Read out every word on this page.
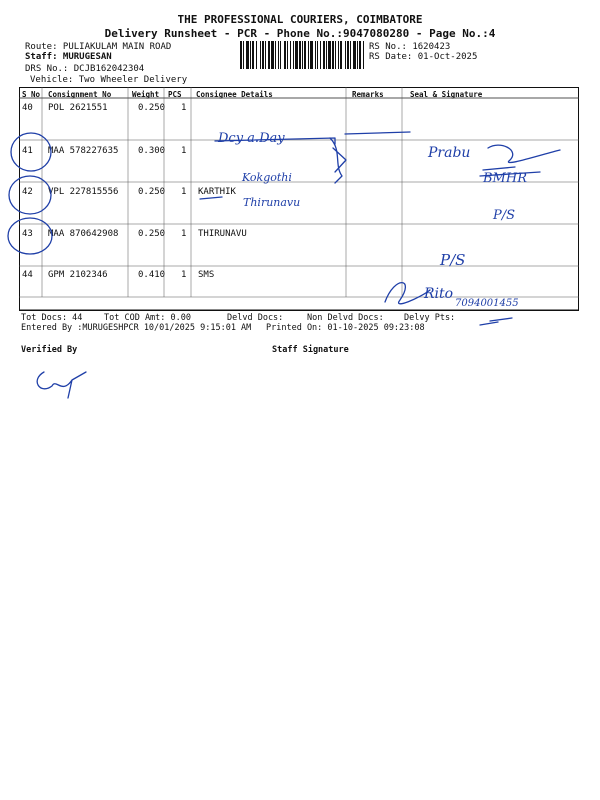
THE PROFESSIONAL COURIERS, COIMBATORE
Delivery Runsheet - PCR - Phone No.:9047080280 - Page No.:4
Route: PULIAKULAM MAIN ROAD
Staff: MURUGESAN
DRS No.: DCJB162042304
Vehicle: Two Wheeler Delivery
RS No.: 1620423
RS Date: 01-Oct-2025
S No Consignment No	Weight PCS Consignee Details	Remarks	Seal & Signature
40 POL 2621551	0.250 1
41 MAA 578227635 0.300 1
42 VPL 227815556 0.250 1 KARTHIK
43 MAA 870642908 0.250 1 THIRUNAVU
44 GPM 2102346	0.410 1 SMS
Dcy a.Day
Kokgothi
Thirunavu
Prabu
BMHR
P/S
P/S
Rito
7094001455
Tot Docs: 44	Tot COD Amt: 0.00	Delvd Docs:	Non Delvd Docs: Delvy Pts:
Entered By :MURUGESHPCR 10/01/2025 9:15:01 AM Printed On: 01-10-2025 09:23:08
Verified By	Staff Signature
